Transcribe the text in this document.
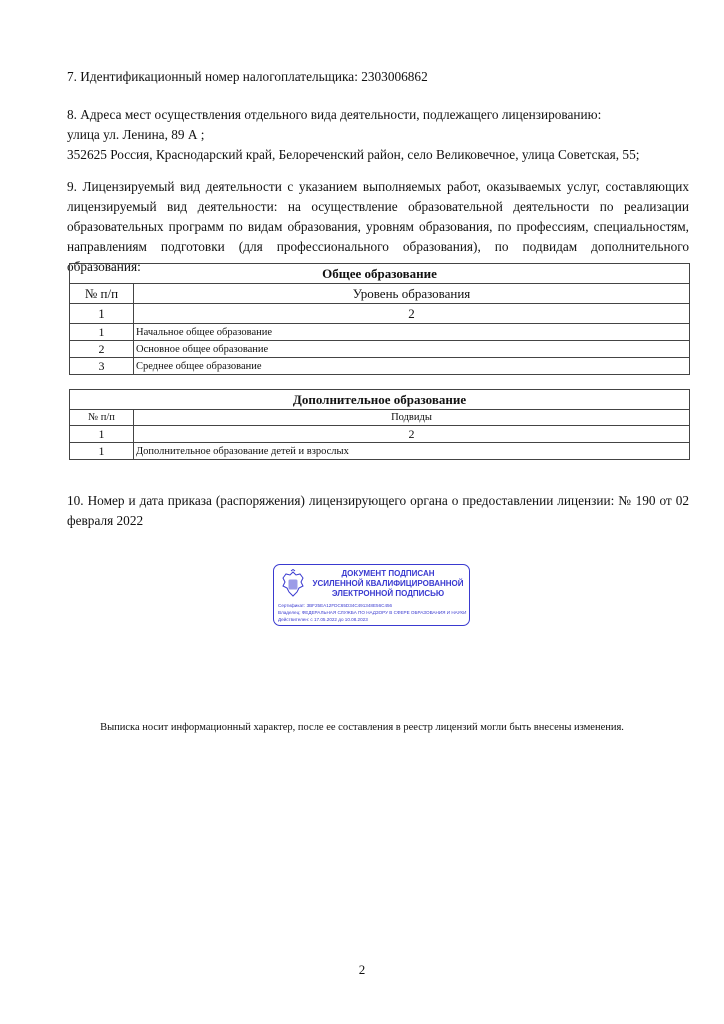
7. Идентификационный номер налогоплательщика: 2303006862
8. Адреса мест осуществления отдельного вида деятельности, подлежащего лицензированию:
улица ул. Ленина, 89 А ;
352625 Россия, Краснодарский край, Белореченский район, село Великовечное, улица Советская, 55;
9. Лицензируемый вид деятельности с указанием выполняемых работ, оказываемых услуг, составляющих лицензируемый вид деятельности: на осуществление образовательной деятельности по реализации образовательных программ по видам образования, уровням образования, по профессиям, специальностям, направлениям подготовки (для профессионального образования), по подвидам дополнительного образования:	Общее образование	
№ п/п	Уровень образования
1	2
1	Начальное общее образование
2	Основное общее образование
3	Среднее общее образование
Дополнительное образование	
№ п/п	Подвиды
1	2
1	Дополнительное образование детей и взрослых
10. Номер и дата приказа (распоряжения) лицензирующего органа о предоставлении лицензии: № 190 от 02 февраля 2022
ДОКУМЕНТ ПОДПИСАН
УСИЛЕННОЙ КВАЛИФИЦИРОВАННОЙ
ЭЛЕКТРОННОЙ ПОДПИСЬЮ
Сертификат: 3BF25EA12FDC65D34C491348E56C456
Владелец: ФЕДЕРАЛЬНАЯ СЛУЖБА ПО НАДЗОРУ В СФЕРЕ ОБРАЗОВАНИЯ И НАУКИ
Действителен: с 17.05.2022 до 10.08.2023
Выписка носит информационный характер, после ее составления в реестр лицензий могли быть внесены изменения.
2
